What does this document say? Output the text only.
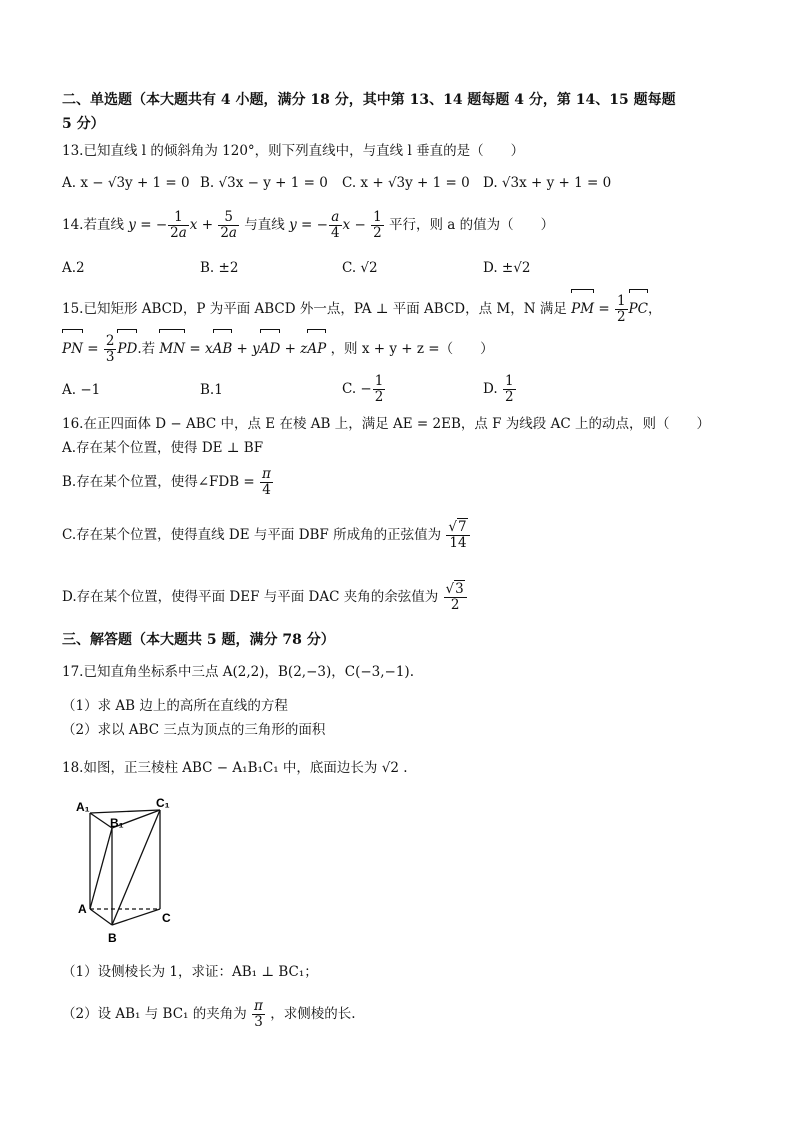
二、单选题（本大题共有 4 小题，满分 18 分，其中第 13、14 题每题 4 分，第 14、15 题每题
5 分）
13.已知直线 l 的倾斜角为 120°，则下列直线中，与直线 l 垂直的是（　　）
A. x − √3y + 1 = 0 B. √3x − y + 1 = 0 C. x + √3y + 1 = 0 D. √3x + y + 1 = 0
14.若直线 y = − $\frac{1}{2a}$ $x + \frac{5}{2a}$ 与直线 y = − $\frac{a}{4}$ $x - \frac{1}{2}$ 平行，则 a 的值为（　　）
A.2	B. ±2	C. √2	D. ±√2
15.已知矩形 ABCD，P 为平面 ABCD 外一点，PA ⊥ 平面 ABCD，点 M，N 满足 PM = $\frac{1}{2}$ PC，
PN = $\frac{2}{3}$ PD.若 MN = xAB + yAD + zAP ，则 x + y + z =（　　）
A. −1	B.1	C. − $\frac{1}{2}$	D. $\frac{1}{2}$
16.在正四面体 D − ABC 中，点 E 在棱 AB 上，满足 AE = 2EB，点 F 为线段 AC 上的动点，则（　　）
A.存在某个位置，使得 DE ⊥ BF
B.存在某个位置，使得∠FDB = $\frac{\pi}{4}$
C.存在某个位置，使得直线 DE 与平面 DBF 所成角的正弦值为 $\frac{√7}{14}$
D.存在某个位置，使得平面 DEF 与平面 DAC 夹角的余弦值为 $\frac{√3}{2}$
三、解答题（本大题共 5 题，满分 78 分）
17.已知直角坐标系中三点 A(2,2)，B(2,−3)，C(−3,−1).
（1）求 AB 边上的高所在直线的方程
（2）求以 ABC 三点为顶点的三角形的面积
18.如图，正三棱柱 ABC − A₁B₁C₁ 中，底面边长为 √2 .
A₁
B₁
C₁
A
B
C
（1）设侧棱长为 1，求证：AB₁ ⊥ BC₁；
（2）设 AB₁ 与 BC₁ 的夹角为 $\frac{\pi}{3}$ ，求侧棱的长.
